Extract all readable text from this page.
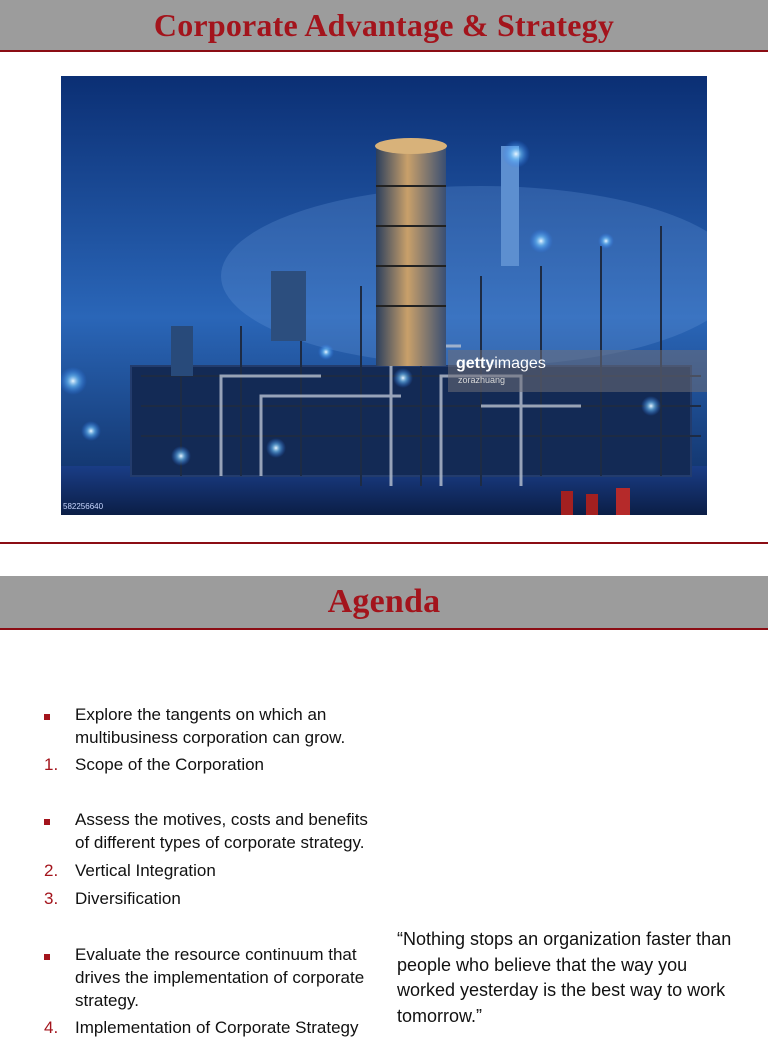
Corporate Advantage & Strategy
gettyimages
zorazhuang
582256640
Agenda
Explore the tangents on which an multibusiness corporation can grow.
1. Scope of the Corporation
Assess the motives, costs and benefits of different types of corporate strategy.
2. Vertical Integration
3. Diversification
Evaluate the resource continuum that drives the implementation of corporate strategy.
4. Implementation of Corporate Strategy
“Nothing stops an organization faster than people who believe that the way you worked yesterday is the best way to work tomorrow.”
